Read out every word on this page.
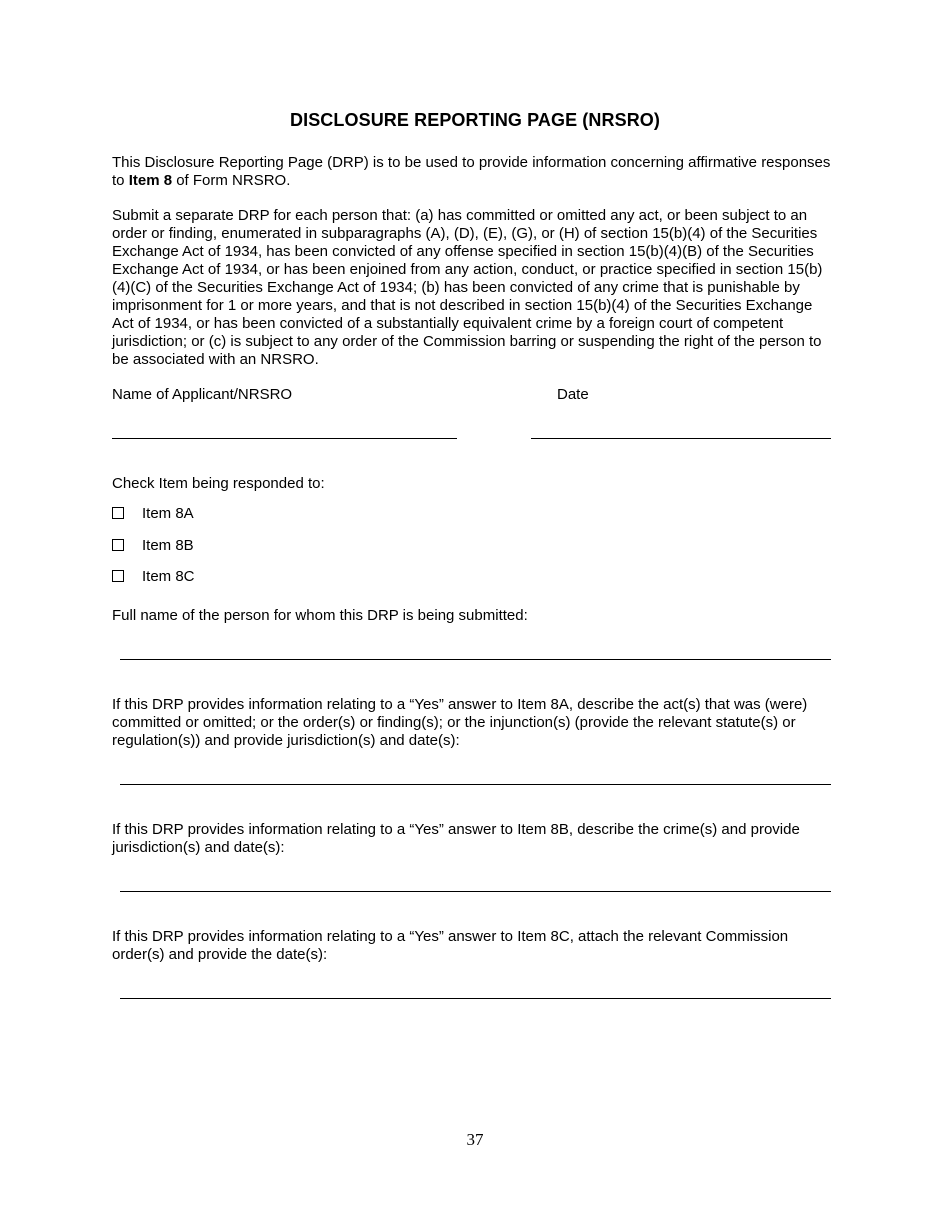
DISCLOSURE REPORTING PAGE (NRSRO)
This Disclosure Reporting Page (DRP) is to be used to provide information concerning affirmative responses to Item 8 of Form NRSRO.
Submit a separate DRP for each person that: (a) has committed or omitted any act, or been subject to an order or finding, enumerated in subparagraphs (A), (D), (E), (G), or (H) of section 15(b)(4) of the Securities Exchange Act of 1934, has been convicted of any offense specified in section 15(b)(4)(B) of the Securities Exchange Act of 1934, or has been enjoined from any action, conduct, or practice specified in section 15(b)(4)(C) of the Securities Exchange Act of 1934; (b) has been convicted of any crime that is punishable by imprisonment for 1 or more years, and that is not described in section 15(b)(4) of the Securities Exchange Act of 1934, or has been convicted of a substantially equivalent crime by a foreign court of competent jurisdiction; or (c) is subject to any order of the Commission barring or suspending the right of the person to be associated with an NRSRO.
Name of Applicant/NRSRO	Date
Check Item being responded to:
Item 8A
Item 8B
Item 8C
Full name of the person for whom this DRP is being submitted:
If this DRP provides information relating to a “Yes” answer to Item 8A, describe the act(s) that was (were) committed or omitted; or the order(s) or finding(s); or the injunction(s) (provide the relevant statute(s) or regulation(s)) and provide jurisdiction(s) and date(s):
If this DRP provides information relating to a “Yes” answer to Item 8B, describe the crime(s) and provide jurisdiction(s) and date(s):
If this DRP provides information relating to a “Yes” answer to Item 8C, attach the relevant Commission order(s) and provide the date(s):
37
